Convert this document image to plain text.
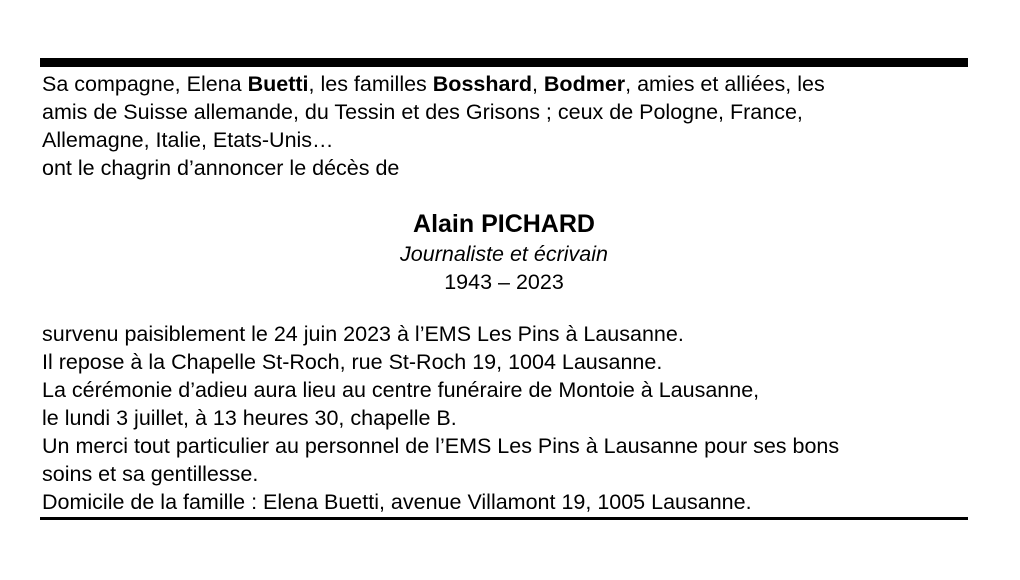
Sa compagne, Elena Buetti, les familles Bosshard, Bodmer, amies et alliées, les
amis de Suisse allemande, du Tessin et des Grisons ; ceux de Pologne, France,
Allemagne, Italie, Etats-Unis…
ont le chagrin d’annoncer le décès de
Alain PICHARD
Journaliste et écrivain
1943 – 2023
survenu paisiblement le 24 juin 2023 à l’EMS Les Pins à Lausanne.
Il repose à la Chapelle St-Roch, rue St-Roch 19, 1004 Lausanne.
La cérémonie d’adieu aura lieu au centre funéraire de Montoie à Lausanne,
le lundi 3 juillet, à 13 heures 30, chapelle B.
Un merci tout particulier au personnel de l’EMS Les Pins à Lausanne pour ses bons
soins et sa gentillesse.
Domicile de la famille : Elena Buetti, avenue Villamont 19, 1005 Lausanne.
